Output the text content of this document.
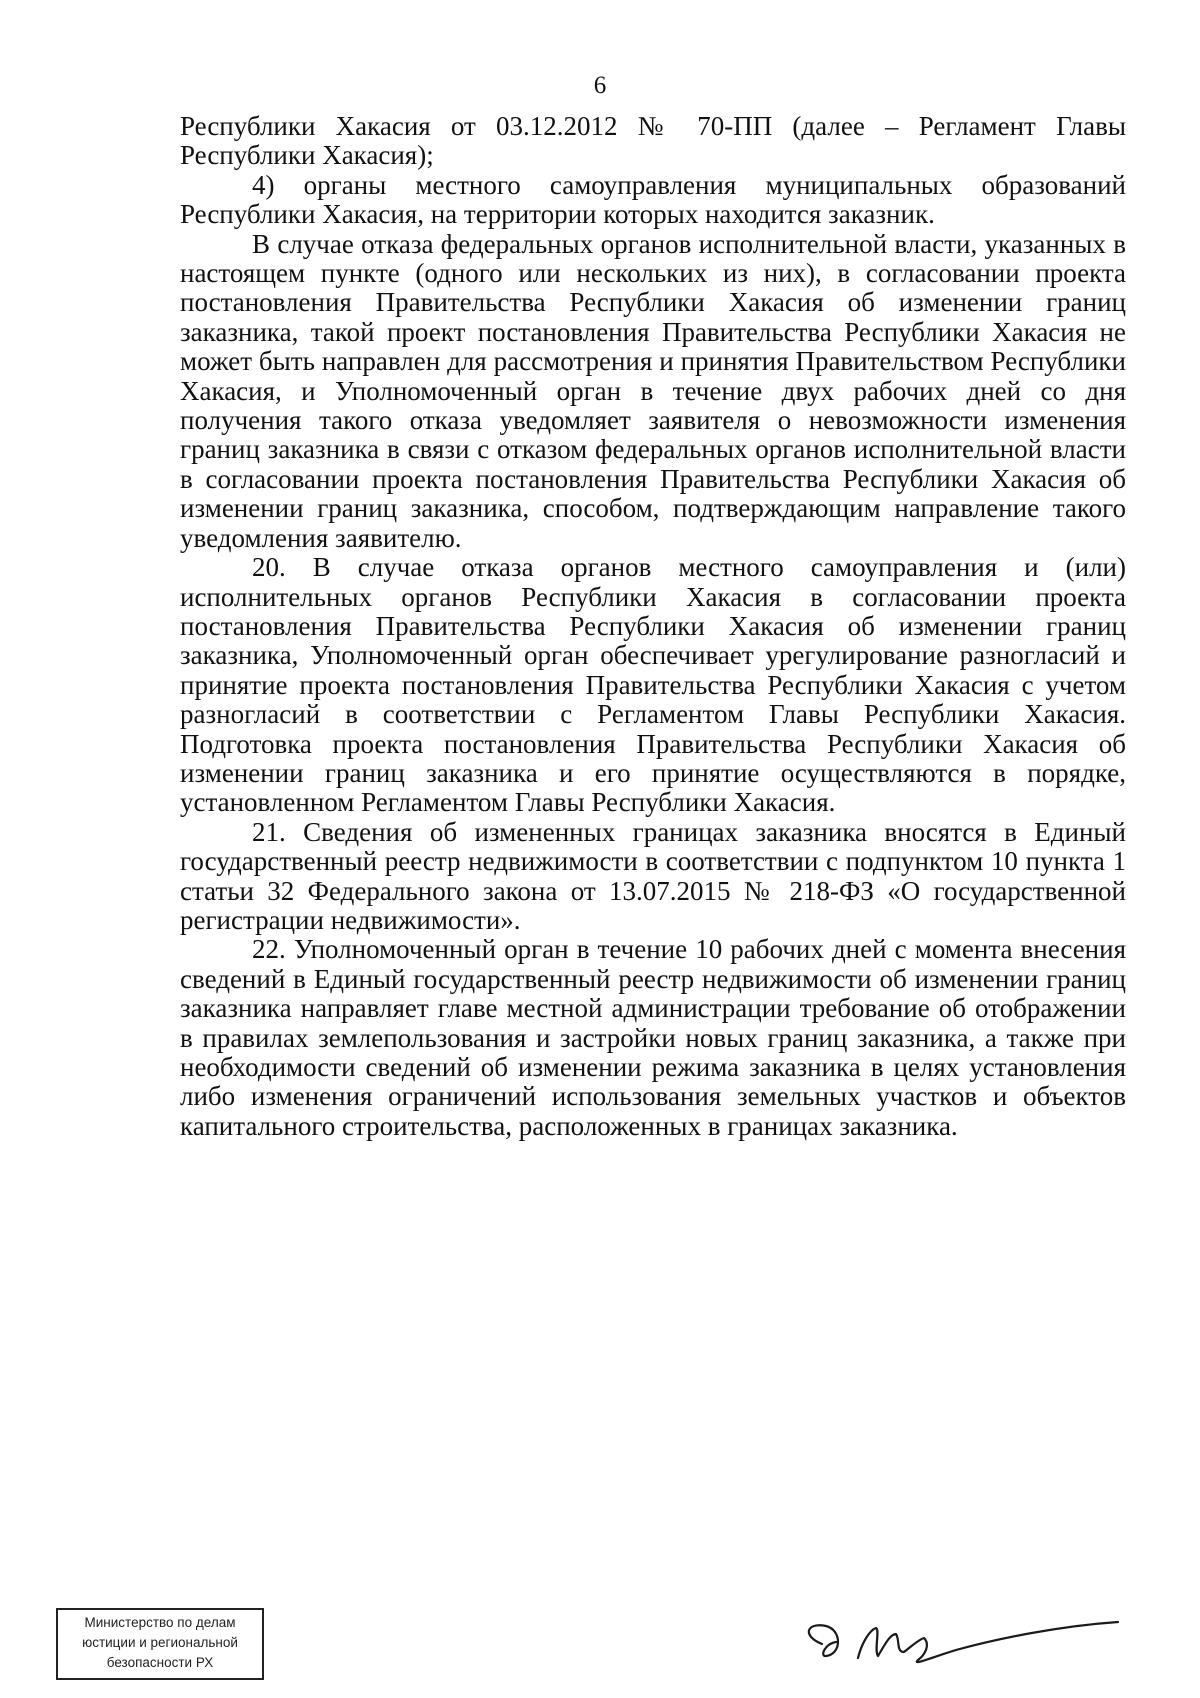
6

Республики Хакасия от 03.12.2012 № 70-ПП (далее – Регламент Главы Республики Хакасия);

4) органы местного самоуправления муниципальных образований Республики Хакасия, на территории которых находится заказник.

В случае отказа федеральных органов исполнительной власти, указанных в настоящем пункте (одного или нескольких из них), в согласовании проекта постановления Правительства Республики Хакасия об изменении границ заказника, такой проект постановления Правительства Республики Хакасия не может быть направлен для рассмотрения и принятия Правительством Республики Хакасия, и Уполномоченный орган в течение двух рабочих дней со дня получения такого отказа уведомляет заявителя о невозможности изменения границ заказника в связи с отказом федеральных органов исполнительной власти в согласовании проекта постановления Правительства Республики Хакасия об изменении границ заказника, способом, подтверждающим направление такого уведомления заявителю.

20. В случае отказа органов местного самоуправления и (или) исполнительных органов Республики Хакасия в согласовании проекта постановления Правительства Республики Хакасия об изменении границ заказника, Уполномоченный орган обеспечивает урегулирование разногласий и принятие проекта постановления Правительства Республики Хакасия с учетом разногласий в соответствии с Регламентом Главы Республики Хакасия. Подготовка проекта постановления Правительства Республики Хакасия об изменении границ заказника и его принятие осуществляются в порядке, установленном Регламентом Главы Республики Хакасия.

21. Сведения об измененных границах заказника вносятся в Единый государственный реестр недвижимости в соответствии с подпунктом 10 пункта 1 статьи 32 Федерального закона от 13.07.2015 № 218-ФЗ «О государственной регистрации недвижимости».

22. Уполномоченный орган в течение 10 рабочих дней с момента внесения сведений в Единый государственный реестр недвижимости об изменении границ заказника направляет главе местной администрации требование об отображении в правилах землепользования и застройки новых границ заказника, а также при необходимости сведений об изменении режима заказника в целях установления либо изменения ограничений использования земельных участков и объектов капитального строительства, расположенных в границах заказника.

Министерство по делам
юстиции и региональной
безопасности РХ
